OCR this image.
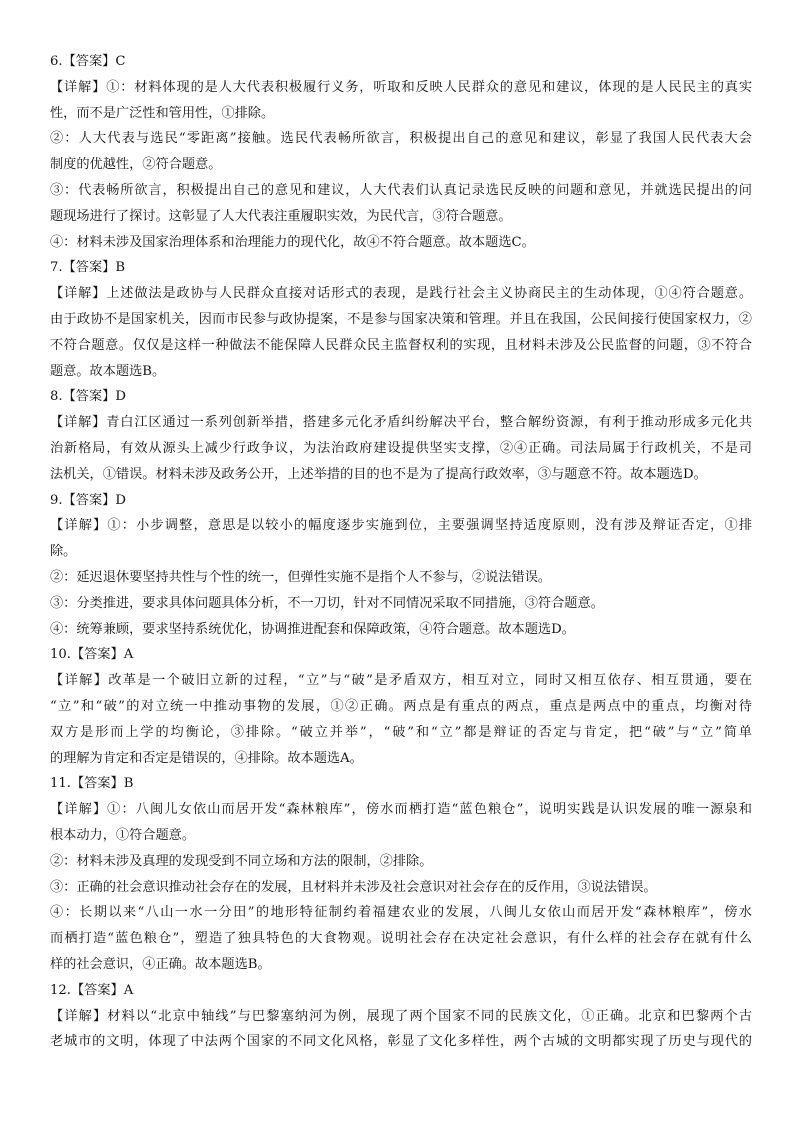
6.【答案】C
【详解】①：材料体现的是人大代表积极履行义务，听取和反映人民群众的意见和建议，体现的是人民民主的真实
性，而不是广泛性和管用性，①排除。
②：人大代表与选民“零距离”接触。选民代表畅所欲言，积极提出自己的意见和建议，彰显了我国人民代表大会
制度的优越性，②符合题意。
③：代表畅所欲言，积极提出自己的意见和建议，人大代表们认真记录选民反映的问题和意见，并就选民提出的问
题现场进行了探讨。这彰显了人大代表注重履职实效，为民代言，③符合题意。
④：材料未涉及国家治理体系和治理能力的现代化，故④不符合题意。故本题选C。
7.【答案】B
【详解】上述做法是政协与人民群众直接对话形式的表现，是践行社会主义协商民主的生动体现，①④符合题意。
由于政协不是国家机关，因而市民参与政协提案，不是参与国家决策和管理。并且在我国，公民间接行使国家权力，②
不符合题意。仅仅是这样一种做法不能保障人民群众民主监督权利的实现，且材料未涉及公民监督的问题，③不符合
题意。故本题选B。
8.【答案】D
【详解】青白江区通过一系列创新举措，搭建多元化矛盾纠纷解决平台，整合解纷资源，有利于推动形成多元化共
治新格局，有效从源头上减少行政争议，为法治政府建设提供坚实支撑，②④正确。司法局属于行政机关，不是司
法机关，①错误。材料未涉及政务公开，上述举措的目的也不是为了提高行政效率，③与题意不符。故本题选D。
9.【答案】D
【详解】①：小步调整，意思是以较小的幅度逐步实施到位，主要强调坚持适度原则，没有涉及辩证否定，①排
除。
②：延迟退休要坚持共性与个性的统一，但弹性实施不是指个人不参与，②说法错误。
③：分类推进，要求具体问题具体分析，不一刀切，针对不同情况采取不同措施，③符合题意。
④：统筹兼顾，要求坚持系统优化，协调推进配套和保障政策，④符合题意。故本题选D。
10.【答案】A
【详解】改革是一个破旧立新的过程，“立”与“破”是矛盾双方，相互对立，同时又相互依存、相互贯通，要在
“立”和“破”的对立统一中推动事物的发展，①②正确。两点是有重点的两点，重点是两点中的重点，均衡对待
双方是形而上学的均衡论，③排除。“破立并举”，“破”和“立”都是辩证的否定与肯定，把“破”与“立”简单
的理解为肯定和否定是错误的，④排除。故本题选A。
11.【答案】B
【详解】①：八闽儿女依山而居开发“森林粮库”，傍水而栖打造“蓝色粮仓”，说明实践是认识发展的唯一源泉和
根本动力，①符合题意。
②：材料未涉及真理的发现受到不同立场和方法的限制，②排除。
③：正确的社会意识推动社会存在的发展，且材料并未涉及社会意识对社会存在的反作用，③说法错误。
④：长期以来“八山一水一分田”的地形特征制约着福建农业的发展，八闽儿女依山而居开发“森林粮库”，傍水
而栖打造“蓝色粮仓”，塑造了独具特色的大食物观。说明社会存在决定社会意识，有什么样的社会存在就有什么
样的社会意识，④正确。故本题选B。
12.【答案】A
【详解】材料以“北京中轴线”与巴黎塞纳河为例，展现了两个国家不同的民族文化，①正确。北京和巴黎两个古
老城市的文明，体现了中法两个国家的不同文化风格，彰显了文化多样性，两个古城的文明都实现了历史与现代的
